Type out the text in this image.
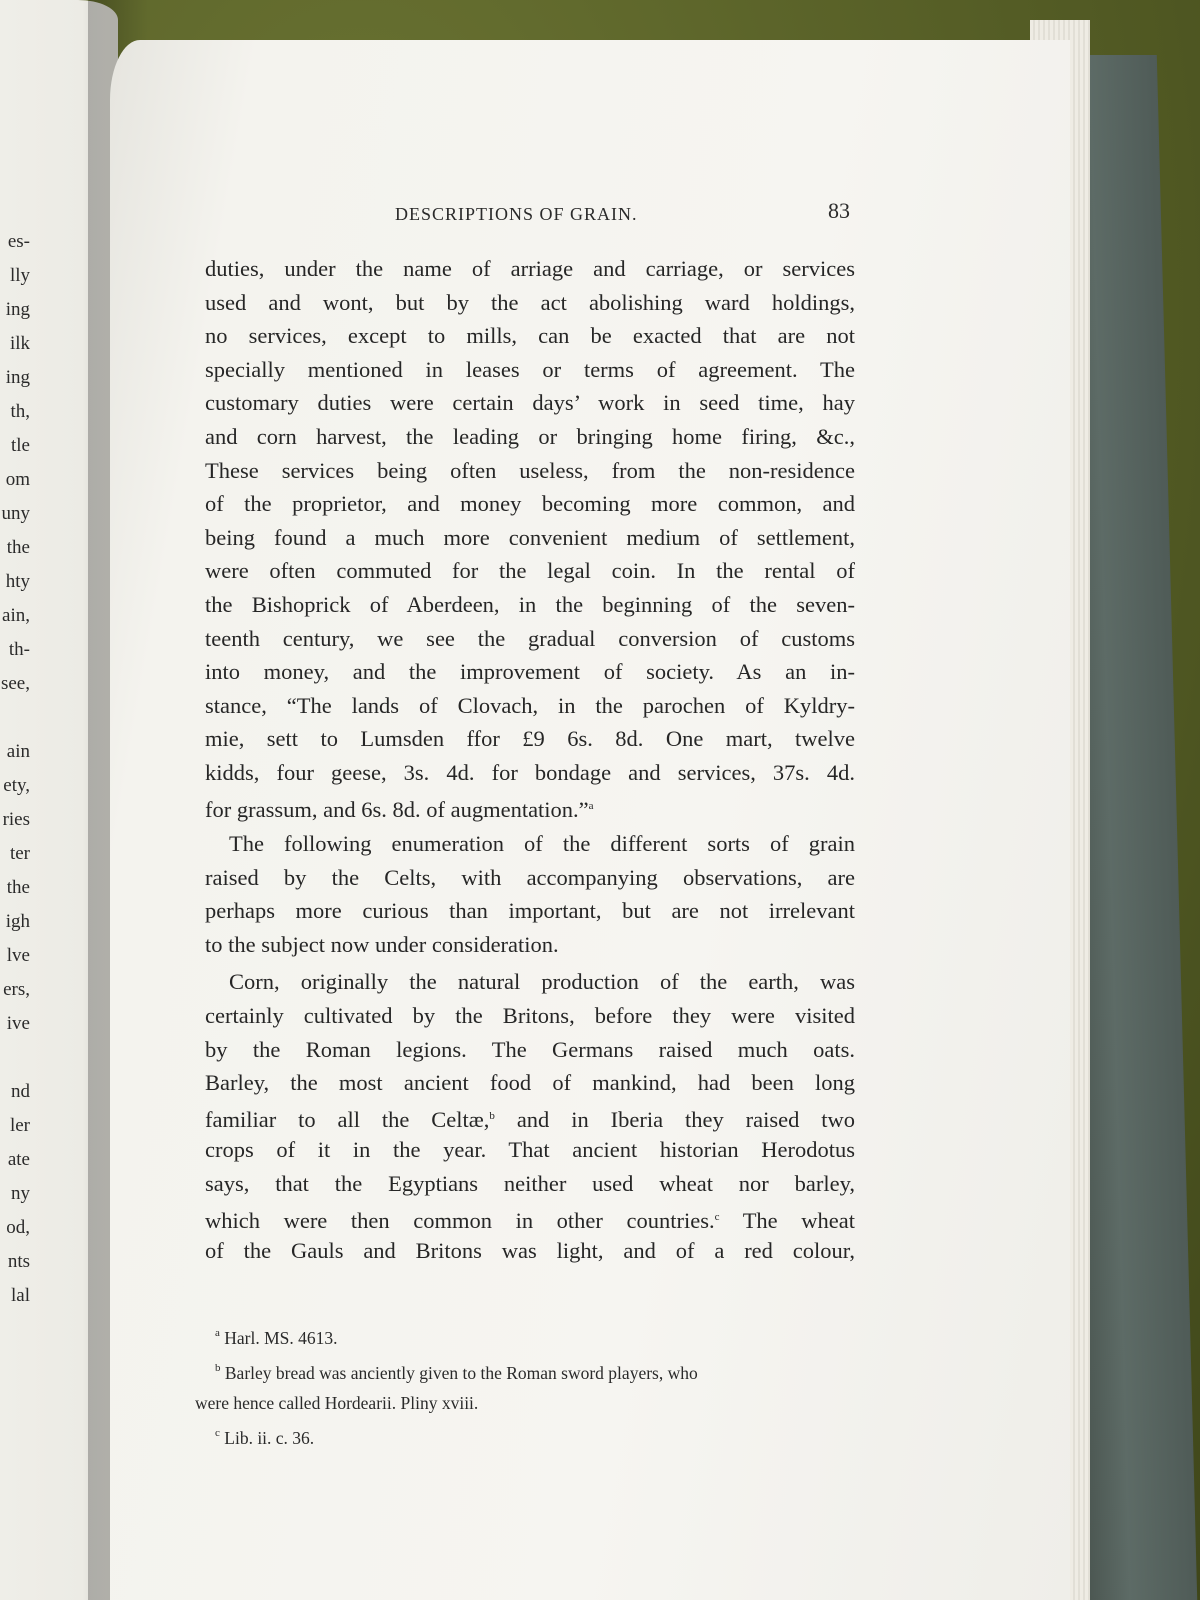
es-
lly
ing
ilk
ing
th,
tle
om
uny
the
hty
ain,
th-
see,
ain
ety,
ries
ter
the
igh
lve
ers,
ive
nd
ler
ate
ny
od,
nts
lal
DESCRIPTIONS OF GRAIN.	83
duties, under the name of arriage and carriage, or services
used and wont, but by the act abolishing ward holdings,
no services, except to mills, can be exacted that are not
specially mentioned in leases or terms of agreement. The
customary duties were certain days’ work in seed time, hay
and corn harvest, the leading or bringing home firing, &c.,
These services being often useless, from the non-residence
of the proprietor, and money becoming more common, and
being found a much more convenient medium of settlement,
were often commuted for the legal coin. In the rental of
the Bishoprick of Aberdeen, in the beginning of the seven-
teenth century, we see the gradual conversion of customs
into money, and the improvement of society. As an in-
stance, “The lands of Clovach, in the parochen of Kyldry-
mie, sett to Lumsden ffor £9 6s. 8d. One mart, twelve
kidds, four geese, 3s. 4d. for bondage and services, 37s. 4d.
for grassum, and 6s. 8d. of augmentation.”$^a$
The following enumeration of the different sorts of grain
raised by the Celts, with accompanying observations, are
perhaps more curious than important, but are not irrelevant
to the subject now under consideration.
Corn, originally the natural production of the earth, was
certainly cultivated by the Britons, before they were visited
by the Roman legions. The Germans raised much oats.
Barley, the most ancient food of mankind, had been long
familiar to all the Celtæ,$^b$ and in Iberia they raised two
crops of it in the year. That ancient historian Herodotus
says, that the Egyptians neither used wheat nor barley,
which were then common in other countries.$^c$ The wheat
of the Gauls and Britons was light, and of a red colour,
$^a$ Harl. MS. 4613.
$^b$ Barley bread was anciently given to the Roman sword players, who
were hence called Hordearii. Pliny xviii.
$^c$ Lib. ii. c. 36.
